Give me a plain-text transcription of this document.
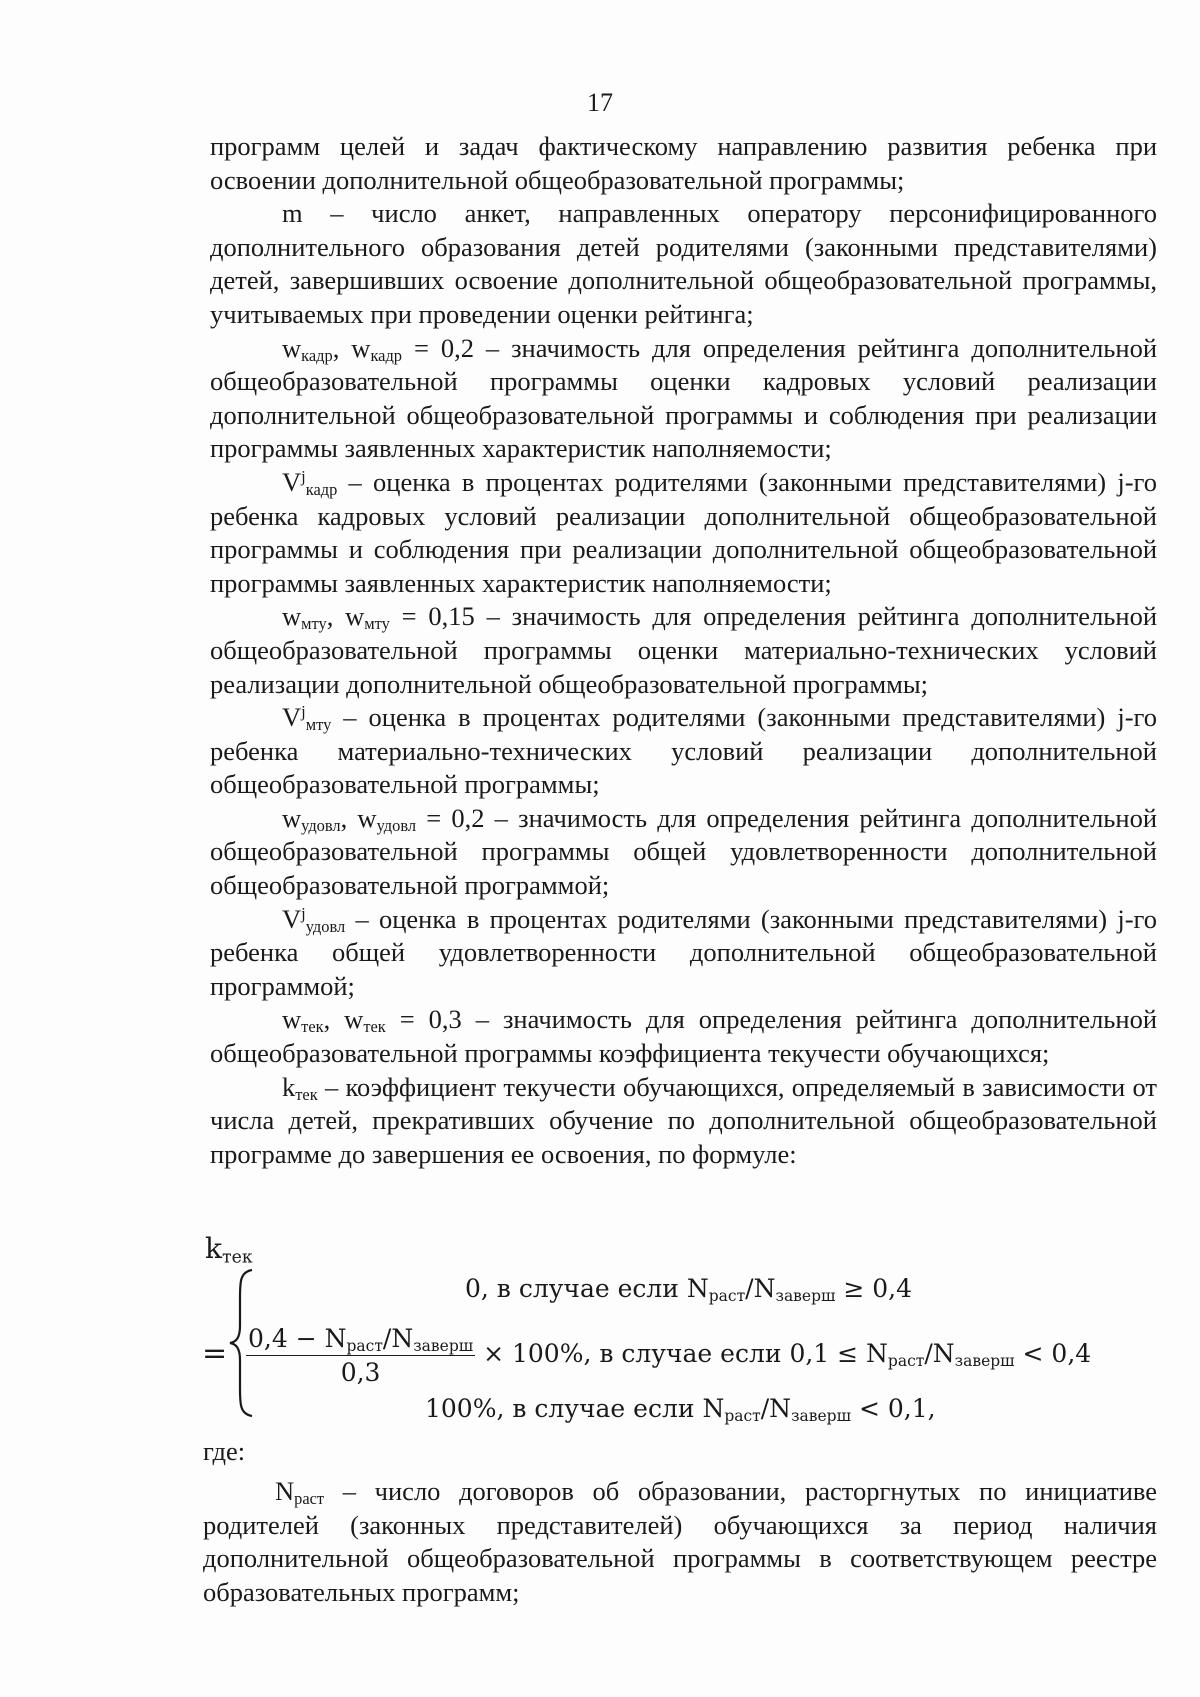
17

программ целей и задач фактическому направлению развития ребенка при освоении дополнительной общеобразовательной программы;

m – число анкет, направленных оператору персонифицированного дополнительного образования детей родителями (законными представителями) детей, завершивших освоение дополнительной общеобразовательной программы, учитываемых при проведении оценки рейтинга;

$w_{кадр}$, $w_{кадр} = 0,2$ – значимость для определения рейтинга дополнительной общеобразовательной программы оценки кадровых условий реализации дополнительной общеобразовательной программы и соблюдения при реализации программы заявленных характеристик наполняемости;

$V^j_{кадр}$ – оценка в процентах родителями (законными представителями) j-го ребенка кадровых условий реализации дополнительной общеобразовательной программы и соблюдения при реализации дополнительной общеобразовательной программы заявленных характеристик наполняемости;

$w_{мту}$, $w_{мту} = 0,15$ – значимость для определения рейтинга дополнительной общеобразовательной программы оценки материально-технических условий реализации дополнительной общеобразовательной программы;

$V^j_{мту}$ – оценка в процентах родителями (законными представителями) j-го ребенка материально-технических условий реализации дополнительной общеобразовательной программы;

$w_{удовл}$, $w_{удовл} = 0,2$ – значимость для определения рейтинга дополнительной общеобразовательной программы общей удовлетворенности дополнительной общеобразовательной программой;

$V^j_{удовл}$ – оценка в процентах родителями (законными представителями) j-го ребенка общей удовлетворенности дополнительной общеобразовательной программой;

$w_{тек}$, $w_{тек} = 0,3$ – значимость для определения рейтинга дополнительной общеобразовательной программы коэффициента текучести обучающихся;

$k_{тек}$ – коэффициент текучести обучающихся, определяемый в зависимости от числа детей, прекративших обучение по дополнительной общеобразовательной программе до завершения ее освоения, по формуле:

$k_{тек}$
=
0, в случае если $N_{раст}/N_{заверш} \ge 0,4$
$\frac{0,4 - N_{раст}/N_{заверш}}{0,3} \times 100\%$, в случае если $0,1 \le N_{раст}/N_{заверш} < 0,4$
100%, в случае если $N_{раст}/N_{заверш} < 0,1$,
где:

$N_{раст}$ – число договоров об образовании, расторгнутых по инициативе родителей (законных представителей) обучающихся за период наличия дополнительной общеобразовательной программы в соответствующем реестре образовательных программ;
